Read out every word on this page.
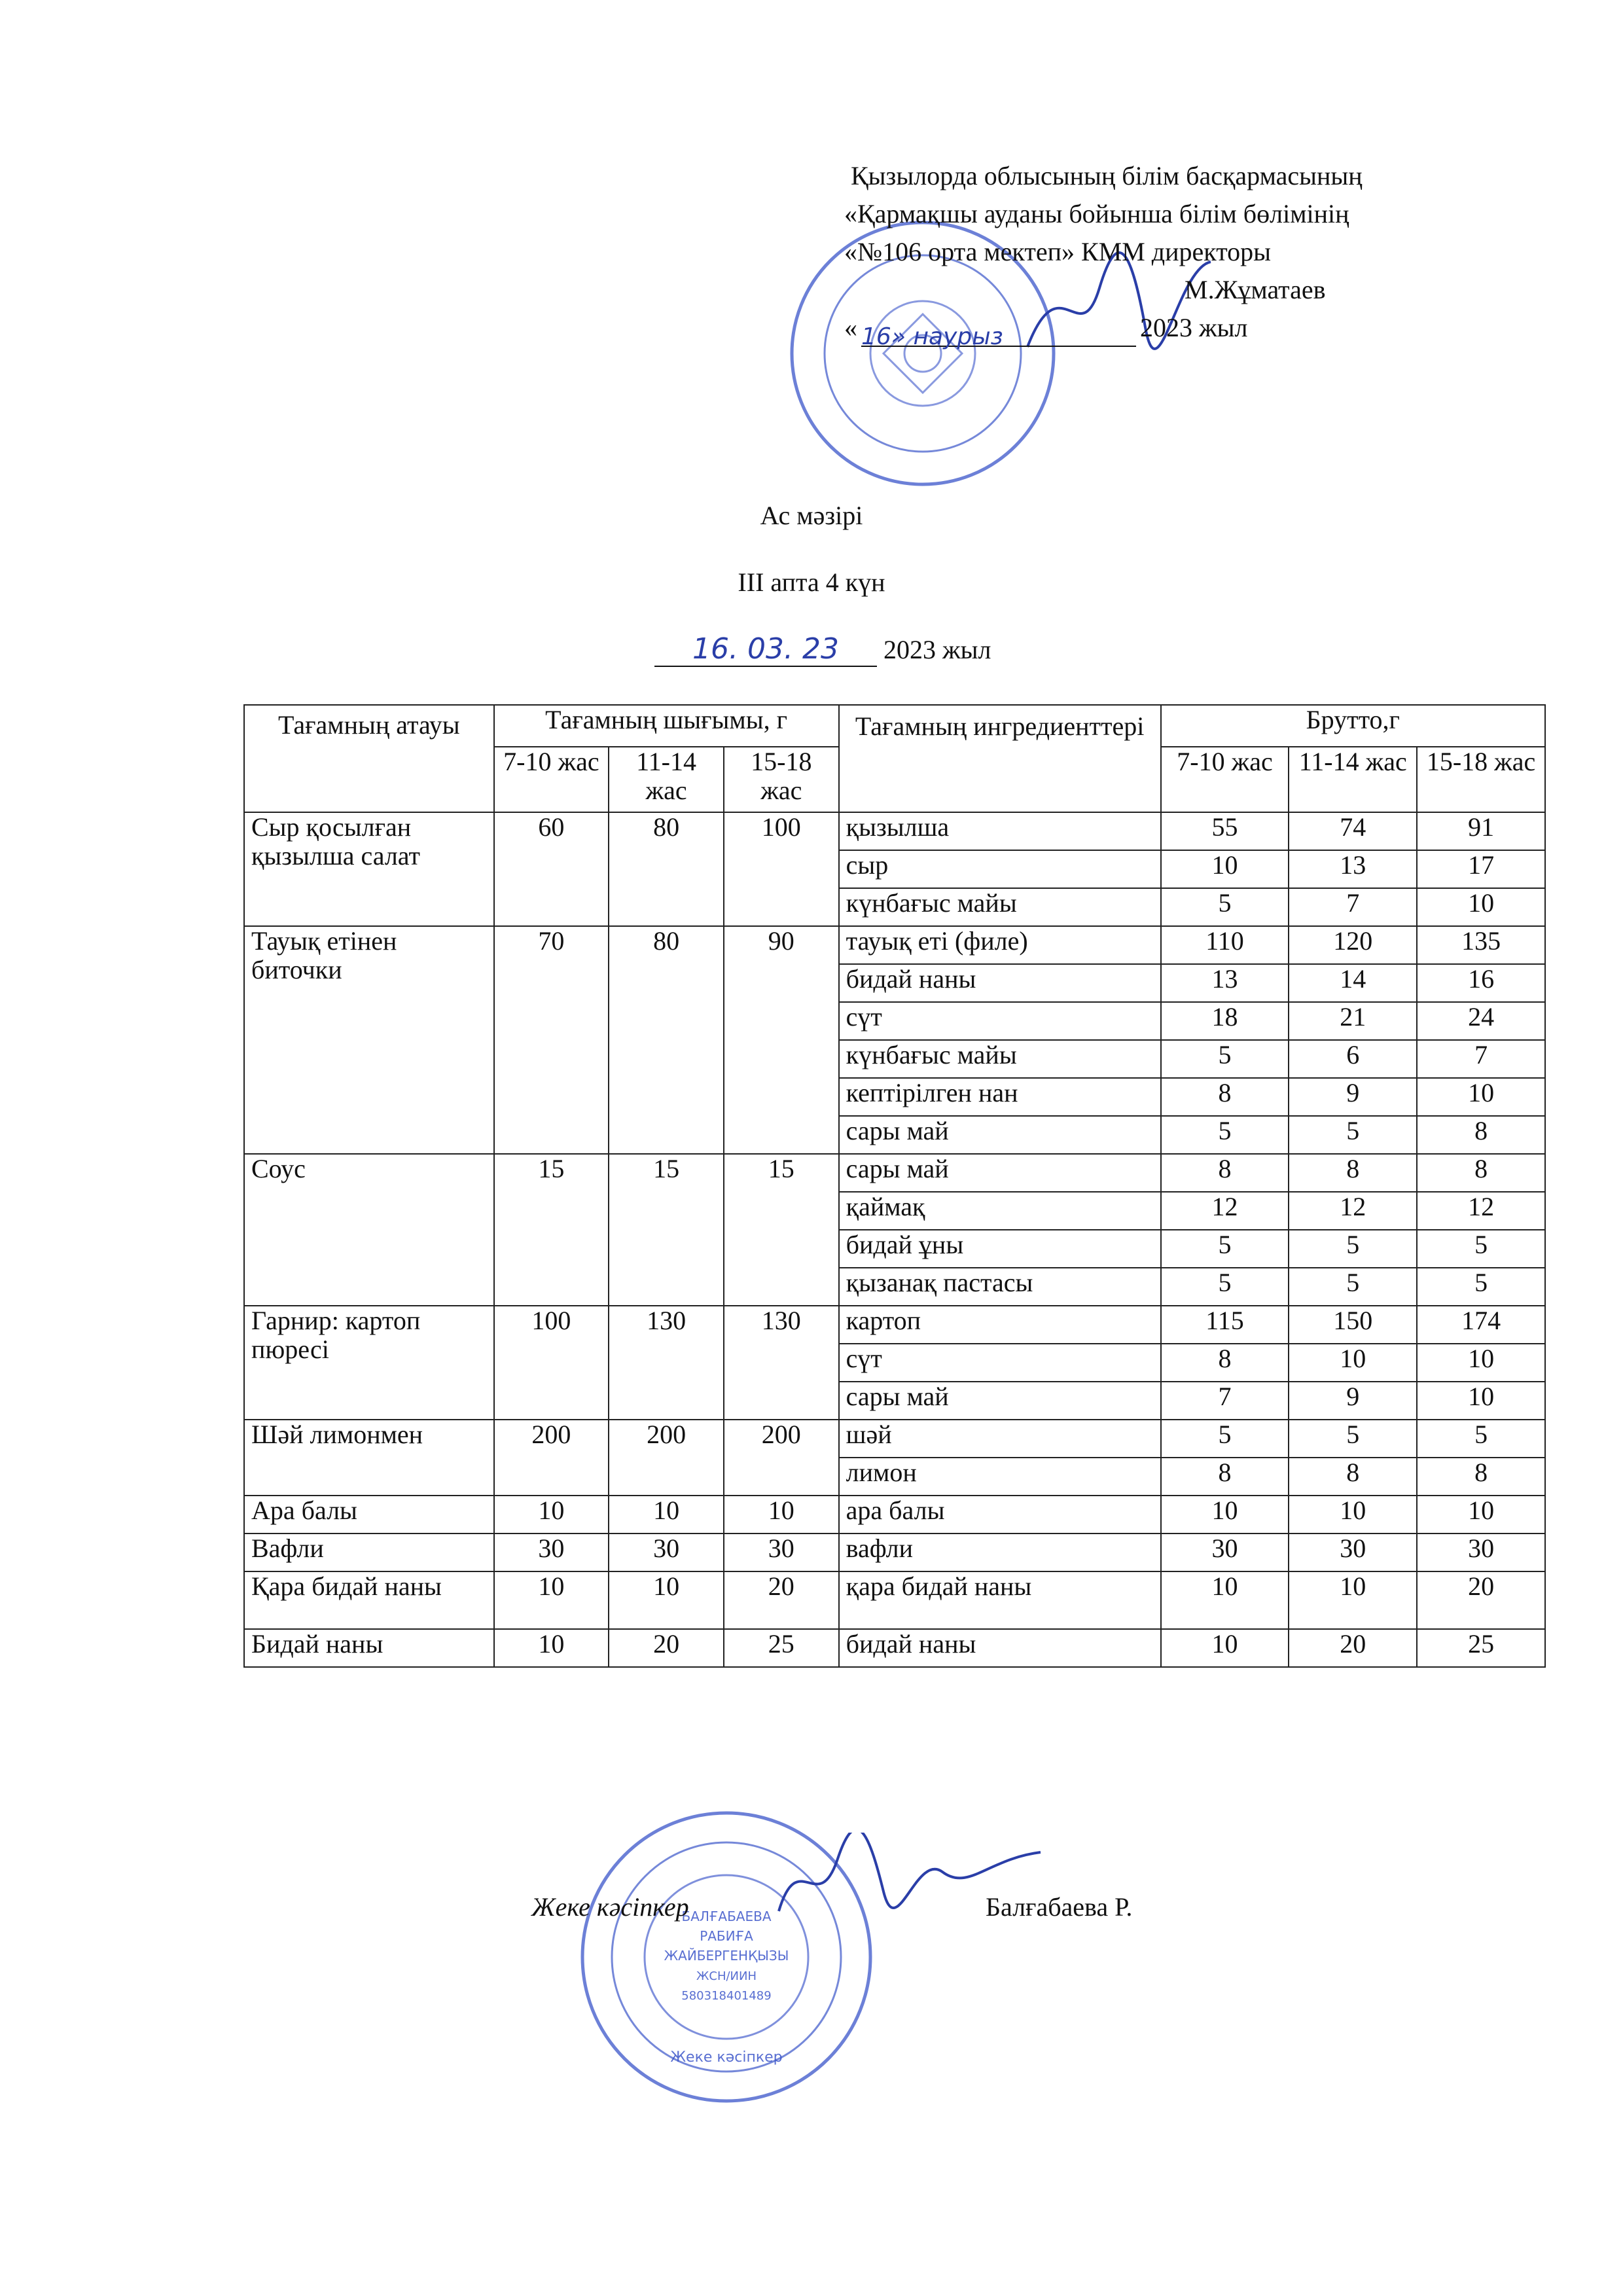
Қызылорда облысының білім басқармасының
«Қармақшы ауданы бойынша білім бөлімінің
«№106 орта мектеп» КММ директоры
М.Жұматаев
« 16» наурыз	2023 жыл
Ас мәзірі
ІІІ апта 4 күн
16. 03. 23 2023 жыл
Тағамның атауы	Тағамның шығымы, г			Тағамның ингредиенттері	Брутто,г		
	7-10 жас	11-14 жас	15-18 жас		7-10 жас	11-14 жас	15-18 жас
Сыр қосылған қызылша салат	60	80	100	қызылша	55	74	91
				сыр	10	13	17
				күнбағыс майы	5	7	10
Тауық етінен биточки	70	80	90	тауық еті (филе)	110	120	135
				бидай наны	13	14	16
				сүт	18	21	24
				күнбағыс майы	5	6	7
				кептірілген нан	8	9	10
				сары май	5	5	8
Соус	15	15	15	сары май	8	8	8
				қаймақ	12	12	12
				бидай ұны	5	5	5
				қызанақ пастасы	5	5	5
Гарнир: картоп пюресі	100	130	130	картоп	115	150	174
				сүт	8	10	10
				сары май	7	9	10
Шәй лимонмен	200	200	200	шәй	5	5	5
				лимон	8	8	8
Ара балы	10	10	10	ара балы	10	10	10
Вафли	30	30	30	вафли	30	30	30
Қара бидай наны	10	10	20	қара бидай наны	10	10	20
Бидай наны	10	20	25	бидай наны	10	20	25
БАЛҒАБАЕВА
РАБИҒА
ЖАЙБЕРГЕНҚЫЗЫ
ЖСН/ИИН
580318401489
Жеке кәсіпкер
Жеке кәсіпкер	Балғабаева Р.
